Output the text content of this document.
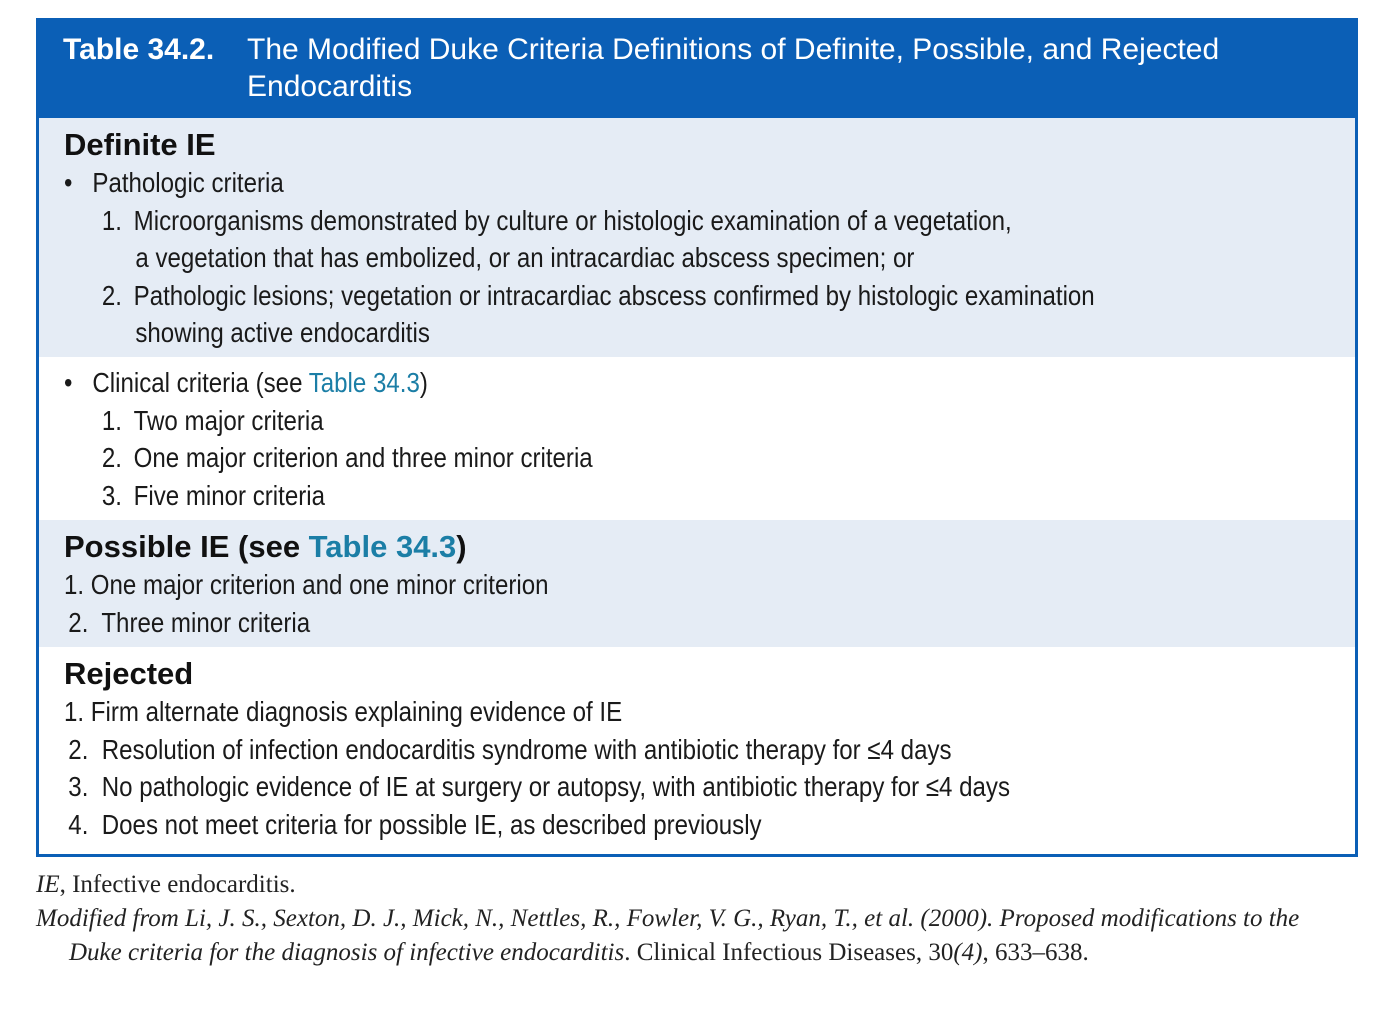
Table 34.2.	The Modified Duke Criteria Definitions of Definite, Possible, and Rejected Endocarditis
Definite IE
• Pathologic criteria
1. Microorganisms demonstrated by culture or histologic examination of a vegetation,
a vegetation that has embolized, or an intracardiac abscess specimen; or
2. Pathologic lesions; vegetation or intracardiac abscess confirmed by histologic examination
showing active endocarditis
• Clinical criteria (see Table 34.3)
1. Two major criteria
2. One major criterion and three minor criteria
3. Five minor criteria
Possible IE (see Table 34.3)
1. One major criterion and one minor criterion
2. Three minor criteria
Rejected
1. Firm alternate diagnosis explaining evidence of IE
2. Resolution of infection endocarditis syndrome with antibiotic therapy for ≤4 days
3. No pathologic evidence of IE at surgery or autopsy, with antibiotic therapy for ≤4 days
4. Does not meet criteria for possible IE, as described previously
IE, Infective endocarditis.
Modified from Li, J. S., Sexton, D. J., Mick, N., Nettles, R., Fowler, V. G., Ryan, T., et al. (2000). Proposed modifications to the Duke criteria for the diagnosis of infective endocarditis. Clinical Infectious Diseases, 30(4), 633–638.
